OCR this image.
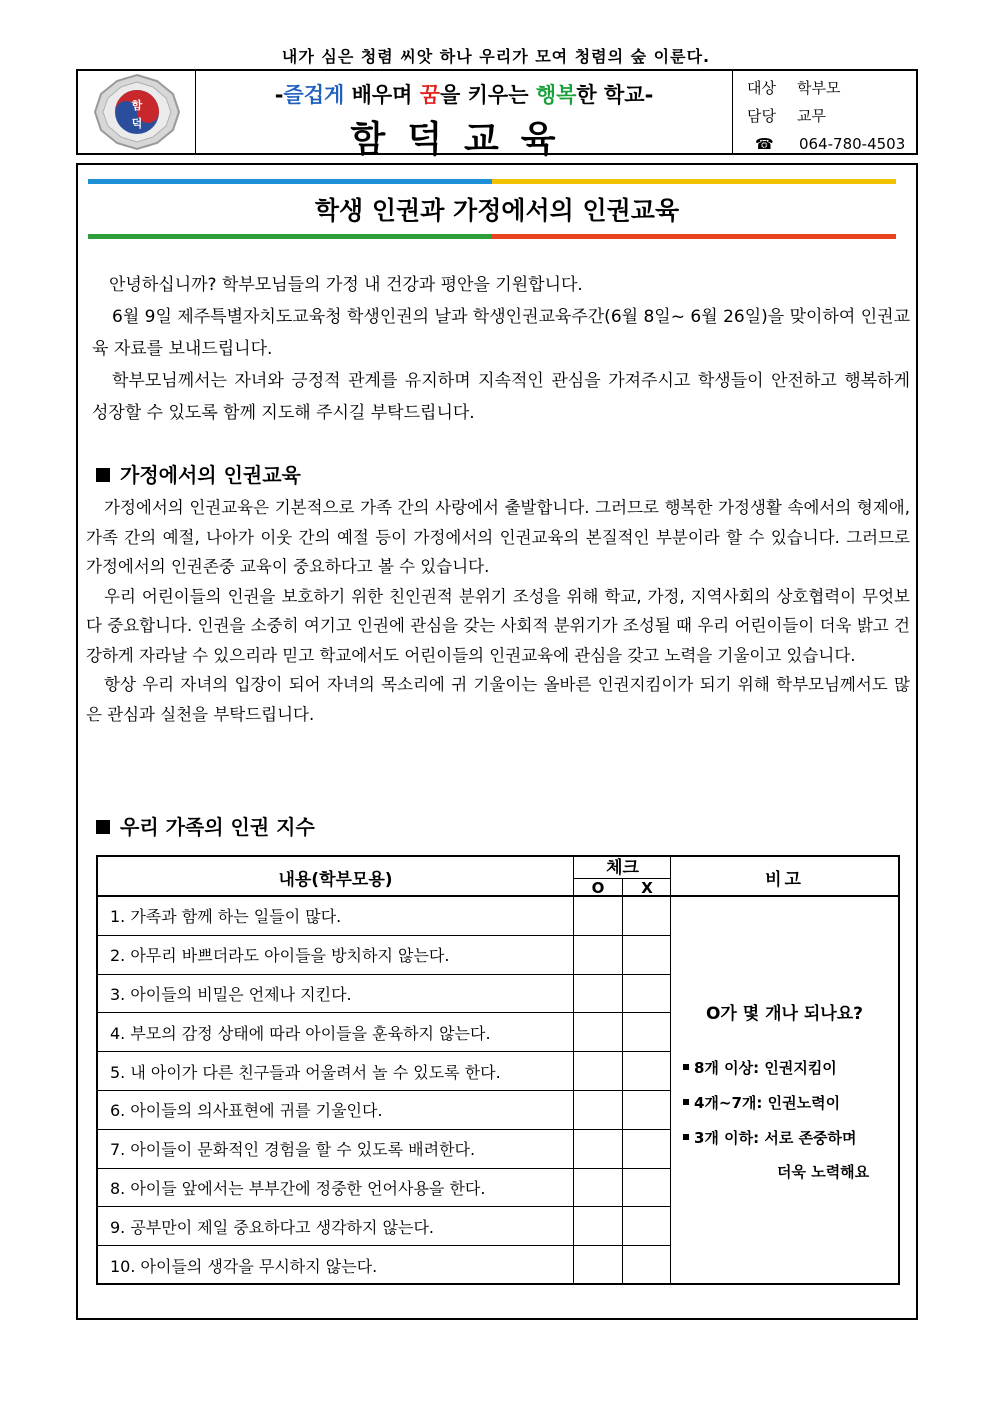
내가 심은 청렴 씨앗 하나 우리가 모여 청렴의 숲 이룬다.
함
덕
-즐겁게 배우며 꿈을 키우는 행복한 학교-
함덕교육
대상	학부모
담당	교무
☎	064-780-4503
학생 인권과 가정에서의 인권교육

안녕하십니까? 학부모님들의 가정 내 건강과 평안을 기원합니다.

6월 9일 제주특별자치도교육청 학생인권의 날과 학생인권교육주간(6월 8일~ 6월 26일)을 맞이하여 인권교육 자료를 보내드립니다.

학부모님께서는 자녀와 긍정적 관계를 유지하며 지속적인 관심을 가져주시고 학생들이 안전하고 행복하게 성장할 수 있도록 함께 지도해 주시길 부탁드립니다.

가정에서의 인권교육

가정에서의 인권교육은 기본적으로 가족 간의 사랑에서 출발합니다. 그러므로 행복한 가정생활 속에서의 형제애, 가족 간의 예절, 나아가 이웃 간의 예절 등이 가정에서의 인권교육의 본질적인 부분이라 할 수 있습니다. 그러므로 가정에서의 인권존중 교육이 중요하다고 볼 수 있습니다.

우리 어린이들의 인권을 보호하기 위한 친인권적 분위기 조성을 위해 학교, 가정, 지역사회의 상호협력이 무엇보다 중요합니다. 인권을 소중히 여기고 인권에 관심을 갖는 사회적 분위기가 조성될 때 우리 어린이들이 더욱 밝고 건강하게 자라날 수 있으리라 믿고 학교에서도 어린이들의 인권교육에 관심을 갖고 노력을 기울이고 있습니다.

항상 우리 자녀의 입장이 되어 자녀의 목소리에 귀 기울이는 올바른 인권지킴이가 되기 위해 학부모님께서도 많은 관심과 실천을 부탁드립니다.

우리 가족의 인권 지수
내용(학부모용)
체크
O	X	비고
1. 가족과 함께 하는 일들이 많다.
2. 아무리 바쁘더라도 아이들을 방치하지 않는다.
3. 아이들의 비밀은 언제나 지킨다.
4. 부모의 감정 상태에 따라 아이들을 훈육하지 않는다.
5. 내 아이가 다른 친구들과 어울려서 놀 수 있도록 한다.
6. 아이들의 의사표현에 귀를 기울인다.
7. 아이들이 문화적인 경험을 할 수 있도록 배려한다.
8. 아이들 앞에서는 부부간에 정중한 언어사용을 한다.
9. 공부만이 제일 중요하다고 생각하지 않는다.
10. 아이들의 생각을 무시하지 않는다.
O가 몇 개나 되나요?
8개 이상: 인권지킴이
4개~7개: 인권노력이
3개 이하: 서로 존중하며
더욱 노력해요
